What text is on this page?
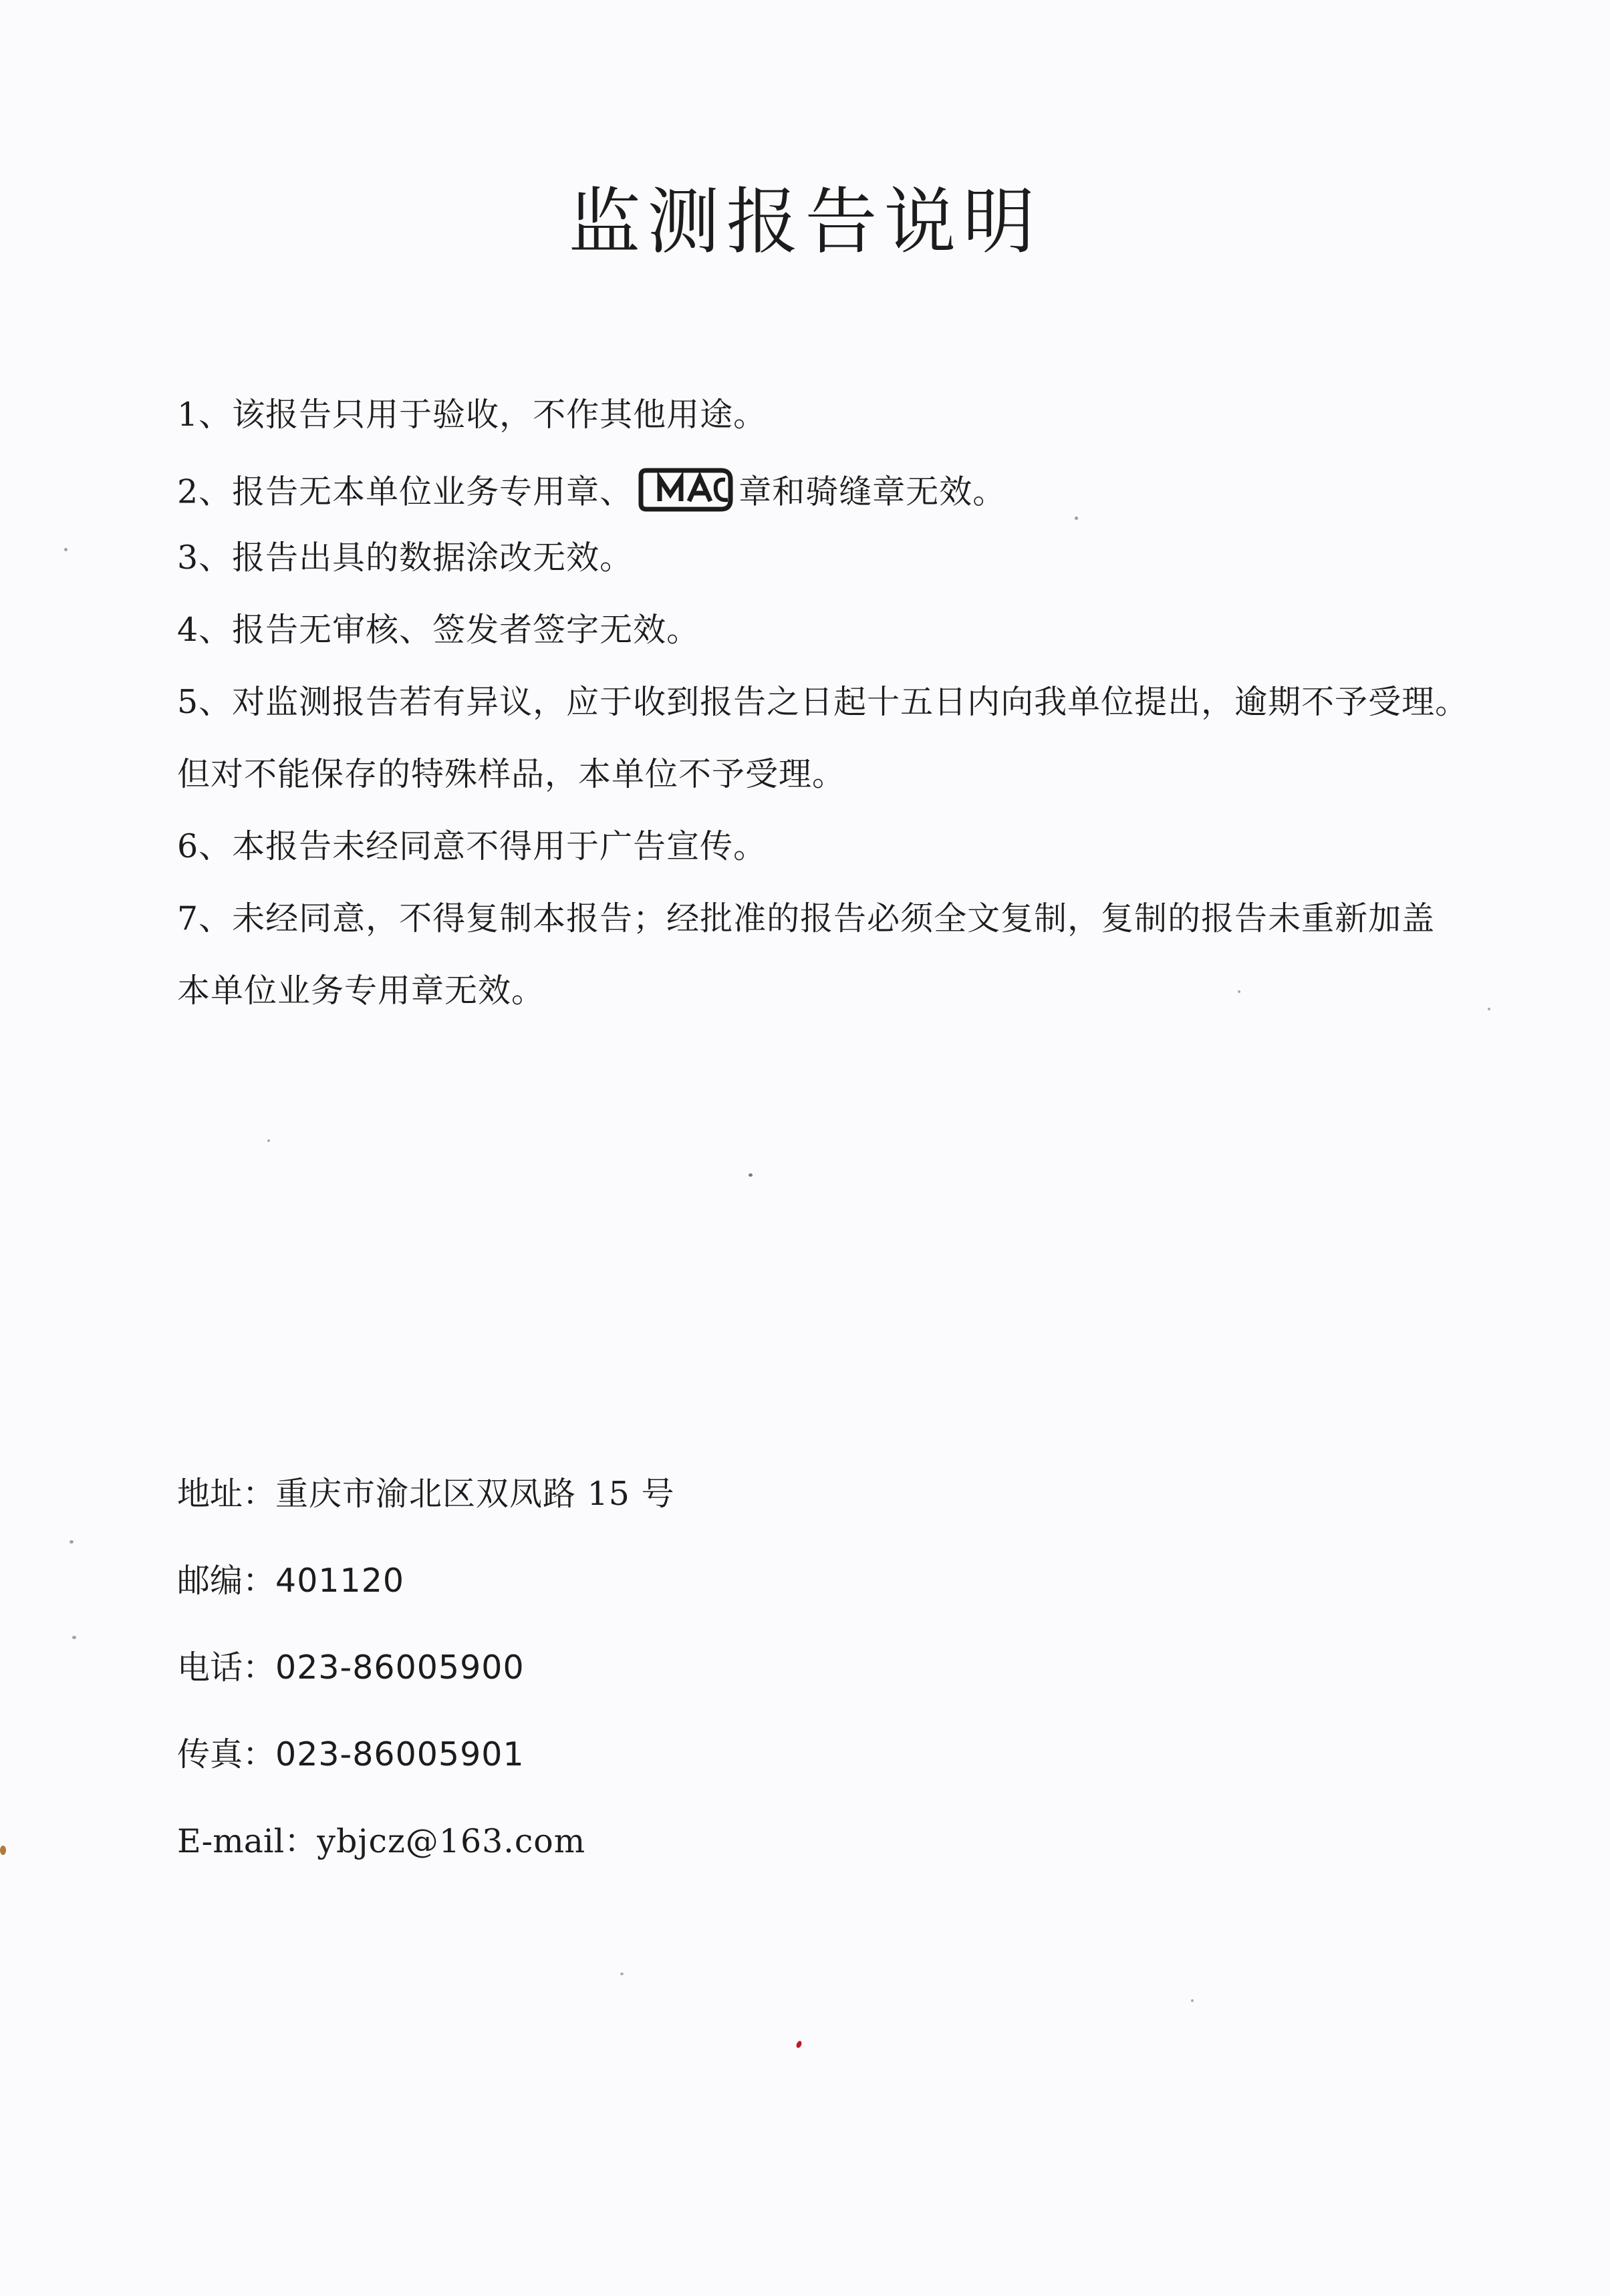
监测报告说明
1、该报告只用于验收，不作其他用途。
2、报告无本单位业务专用章、	章和骑缝章无效。
3、报告出具的数据涂改无效。
4、报告无审核、签发者签字无效。
5、对监测报告若有异议，应于收到报告之日起十五日内向我单位提出，逾期不予受理。
但对不能保存的特殊样品，本单位不予受理。
6、本报告未经同意不得用于广告宣传。
7、未经同意，不得复制本报告；经批准的报告必须全文复制，复制的报告未重新加盖
本单位业务专用章无效。
地址：重庆市渝北区双凤路 15 号
邮编：401120
电话：023-86005900
传真：023-86005901
E-mail：ybjcz@163.com
